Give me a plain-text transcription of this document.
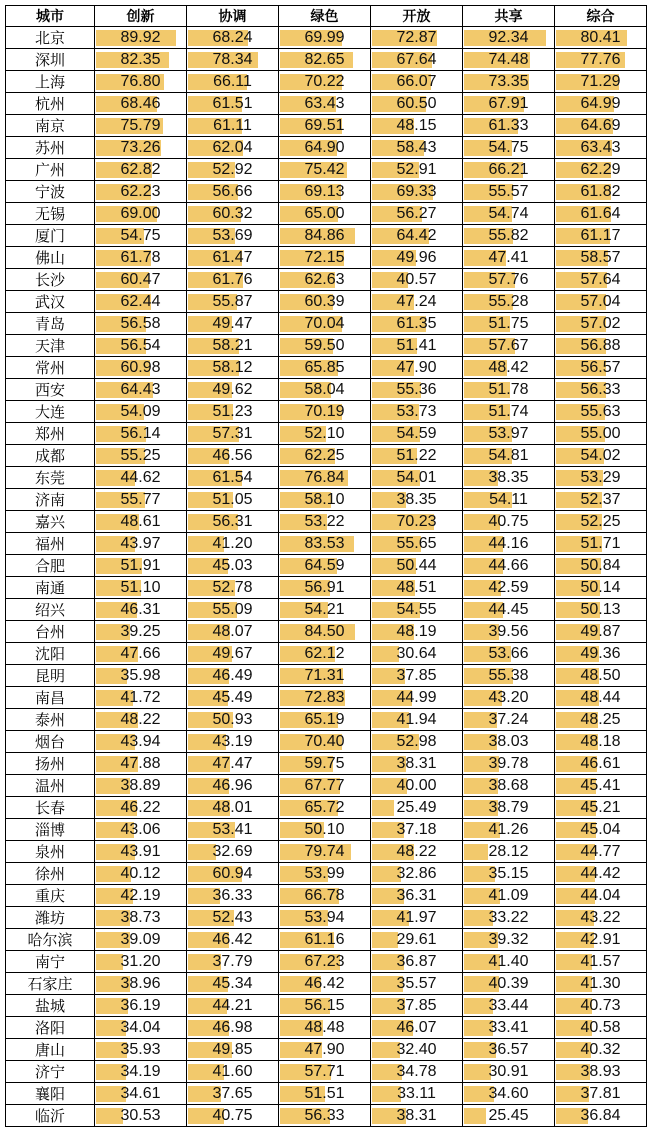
城市	创新	协调	绿色	开放	共享	综合
北京	89.92	68.24	69.99	72.87	92.34	80.41

深圳	82.35	78.34	82.65	67.64	74.48	77.76

上海	76.80	66.11	70.22	66.07	73.35	71.29

杭州	68.46	61.51	63.43	60.50	67.91	64.99

南京	75.79	61.11	69.51	48.15	61.33	64.69

苏州	73.26	62.04	64.90	58.43	54.75	63.43

广州	62.82	52.92	75.42	52.91	66.21	62.29

宁波	62.23	56.66	69.13	69.33	55.57	61.82

无锡	69.00	60.32	65.00	56.27	54.74	61.64

厦门	54.75	53.69	84.86	64.42	55.82	61.17

佛山	61.78	61.47	72.15	49.96	47.41	58.57

长沙	60.47	61.76	62.63	40.57	57.76	57.64

武汉	62.44	55.87	60.39	47.24	55.28	57.04

青岛	56.58	49.47	70.04	61.35	51.75	57.02

天津	56.54	58.21	59.50	51.41	57.67	56.88

常州	60.98	58.12	65.85	47.90	48.42	56.57

西安	64.43	49.62	58.04	55.36	51.78	56.33

大连	54.09	51.23	70.19	53.73	51.74	55.63

郑州	56.14	57.31	52.10	54.59	53.97	55.00

成都	55.25	46.56	62.25	51.22	54.81	54.02

东莞	44.62	61.54	76.84	54.01	38.35	53.29

济南	55.77	51.05	58.10	38.35	54.11	52.37

嘉兴	48.61	56.31	53.22	70.23	40.75	52.25

福州	43.97	41.20	83.53	55.65	44.16	51.71

合肥	51.91	45.03	64.59	50.44	44.66	50.84

南通	51.10	52.78	56.91	48.51	42.59	50.14

绍兴	46.31	55.09	54.21	54.55	44.45	50.13

台州	39.25	48.07	84.50	48.19	39.56	49.87

沈阳	47.66	49.67	62.12	30.64	53.66	49.36

昆明	35.98	46.49	71.31	37.85	55.38	48.50

南昌	41.72	45.49	72.83	44.99	43.20	48.44

泰州	48.22	50.93	65.19	41.94	37.24	48.25

烟台	43.94	43.19	70.40	52.98	38.03	48.18

扬州	47.88	47.47	59.75	38.31	39.78	46.61

温州	38.89	46.96	67.77	40.00	38.68	45.41

长春	46.22	48.01	65.72	25.49	38.79	45.21

淄博	43.06	53.41	50.10	37.18	41.26	45.04

泉州	43.91	32.69	79.74	48.22	28.12	44.77

徐州	40.12	60.94	53.99	32.86	35.15	44.42

重庆	42.19	36.33	66.78	36.31	41.09	44.04

潍坊	38.73	52.43	53.94	41.97	33.22	43.22

哈尔滨	39.09	46.42	61.16	29.61	39.32	42.91

南宁	31.20	37.79	67.23	36.87	41.40	41.57

石家庄	38.96	45.34	46.42	35.57	40.39	41.30

盐城	36.19	44.21	56.15	37.85	33.44	40.73

洛阳	34.04	46.98	48.48	46.07	33.41	40.58

唐山	35.93	49.85	47.90	32.40	36.57	40.32

济宁	34.19	41.60	57.71	34.78	30.91	38.93

襄阳	34.61	37.65	51.51	33.11	34.60	37.81

临沂	30.53	40.75	56.33	38.31	25.45	36.84
